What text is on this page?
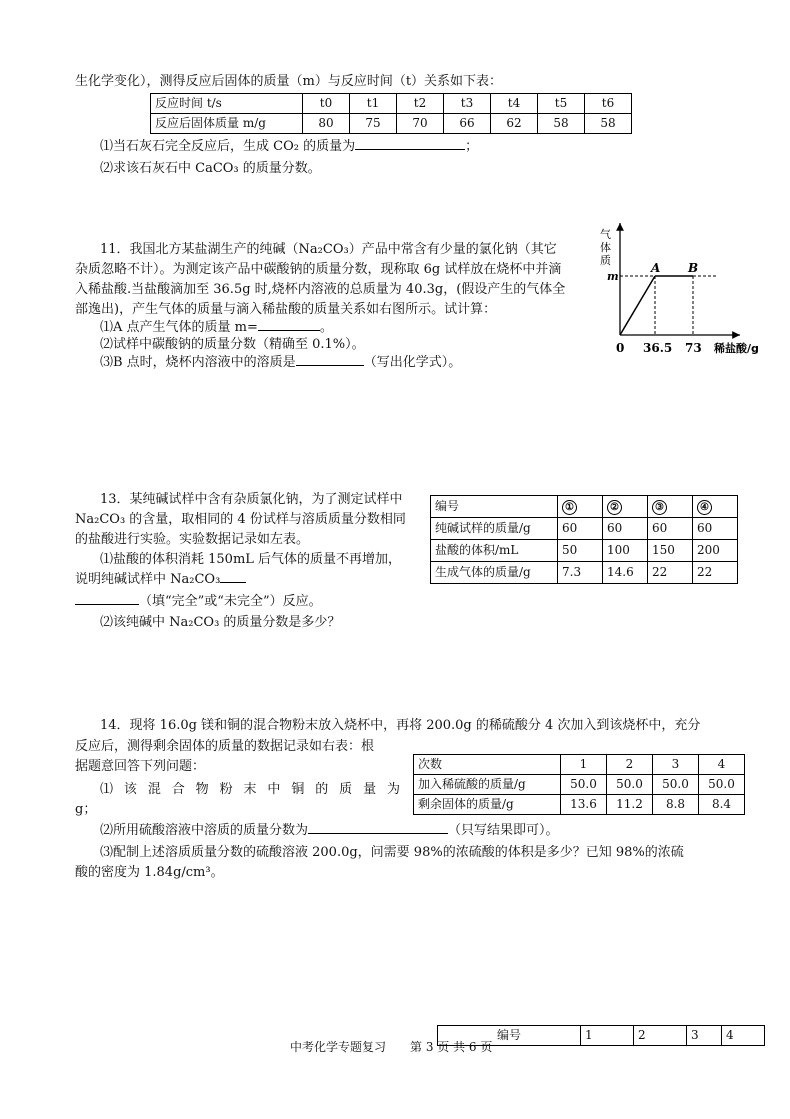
生化学变化），测得反应后固体的质量（m）与反应时间（t）关系如下表：
反应时间 t/s	t0	t1	t2	t3	t4	t5	t6
反应后固体质量 m/g	80	75	70	66	62	58	58
⑴当石灰石完全反应后，生成 CO₂ 的质量为	；
⑵求该石灰石中 CaCO₃ 的质量分数。
11．我国北方某盐湖生产的纯碱（Na₂CO₃）产品中常含有少量的氯化钠（其它
杂质忽略不计）。为测定该产品中碳酸钠的质量分数，现称取 6g 试样放在烧杯中并滴
入稀盐酸.当盐酸滴加至 36.5g 时,烧杯内溶液的总质量为 40.3g，(假设产生的气体全
部逸出)，产生气体的质量与滴入稀盐酸的质量关系如右图所示。试计算：
⑴A 点产生气体的质量 m=	。
⑵试样中碳酸钠的质量分数（精确至 0.1%）。
⑶B 点时，烧杯内溶液中的溶质是	（写出化学式）。
气
体
质
m
A B
0 36.5 73 稀盐酸/g
13．某纯碱试样中含有杂质氯化钠，为了测定试样中
Na₂CO₃ 的含量，取相同的 4 份试样与溶质质量分数相同
的盐酸进行实验。实验数据记录如左表。
⑴盐酸的体积消耗 150mL 后气体的质量不再增加，
说明纯碱试样中 Na₂CO₃
（填“完全”或“未完全”）反应。
⑵该纯碱中 Na₂CO₃ 的质量分数是多少？
编号	①	②	③	④
纯碱试样的质量/g	60	60	60	60
盐酸的体积/mL	50	100	150	200
生成气体的质量/g	7.3	14.6	22	22
14．现将 16.0g 镁和铜的混合物粉末放入烧杯中，再将 200.0g 的稀硫酸分 4 次加入到该烧杯中，充分
反应后，测得剩余固体的质量的数据记录如右表：根
据题意回答下列问题：
⑴ 该 混 合 物 粉 末 中 铜 的 质 量 为
g；
⑵所用硫酸溶液中溶质的质量分数为	（只写结果即可）。
⑶配制上述溶质质量分数的硫酸溶液 200.0g，问需要 98%的浓硫酸的体积是多少？已知 98%的浓硫
酸的密度为 1.84g/cm³。
次数	1	2	3	4
加入稀硫酸的质量/g	50.0	50.0	50.0	50.0
剩余固体的质量/g	13.6	11.2	8.8	8.4
中考化学专题复习 第 3 页 共 6 页
编号	1	2	3	4
